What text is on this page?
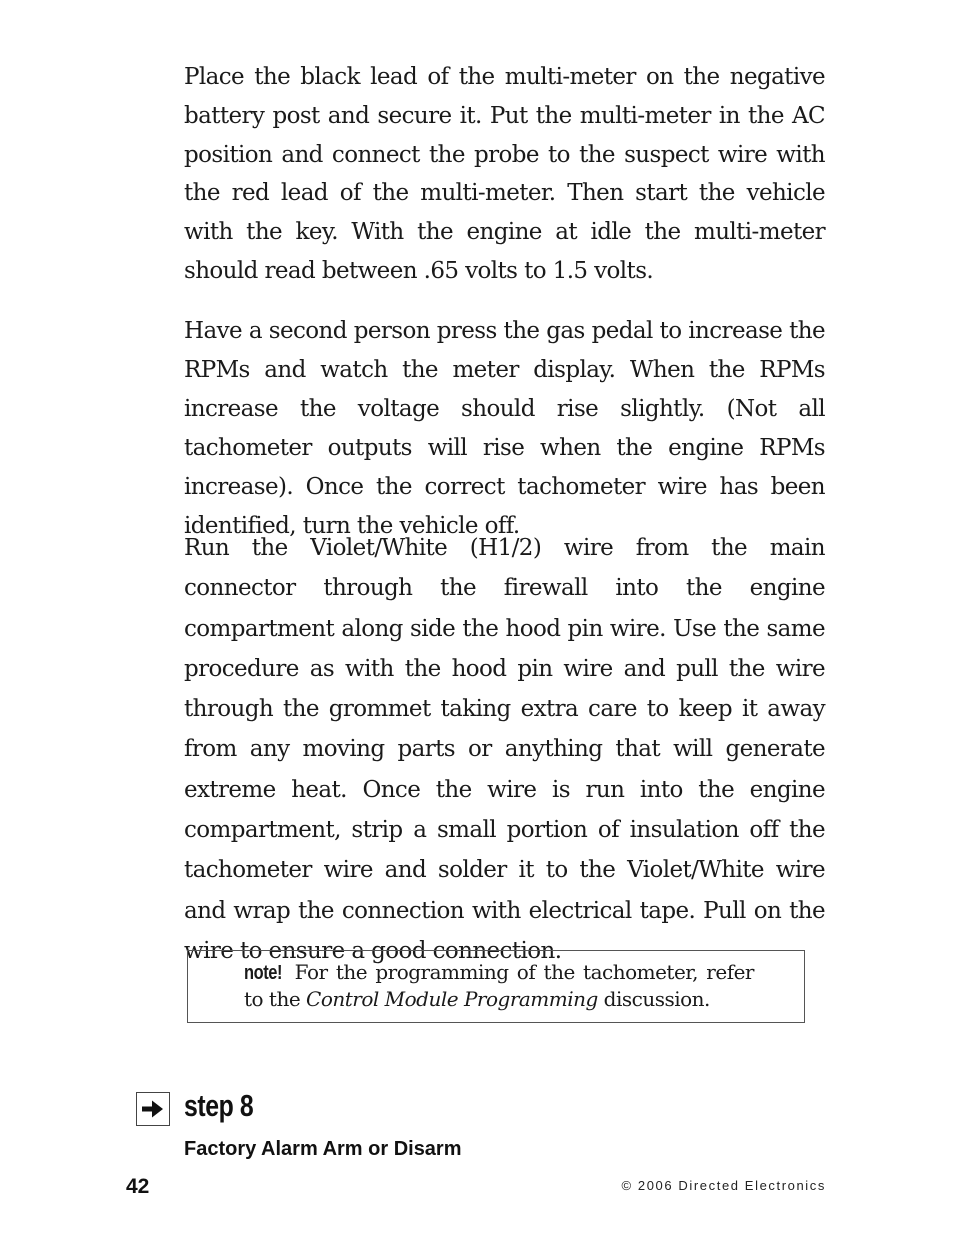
Place the black lead of the multi-meter on the negative battery post and secure it. Put the multi-meter in the AC position and connect the probe to the suspect wire with the red lead of the multi-meter. Then start the vehicle with the key. With the engine at idle the multi-meter should read between .65 volts to 1.5 volts.

Have a second person press the gas pedal to increase the RPMs and watch the meter display. When the RPMs increase the voltage should rise slightly. (Not all tachometer outputs will rise when the engine RPMs increase). Once the correct tachometer wire has been identified, turn the vehicle off.

Run the Violet/White (H1/2) wire from the main connector through the firewall into the engine compartment along side the hood pin wire. Use the same procedure as with the hood pin wire and pull the wire through the grommet taking extra care to keep it away from any moving parts or anything that will generate extreme heat. Once the wire is run into the engine compartment, strip a small portion of insulation off the tachometer wire and solder it to the Violet/White wire and wrap the connection with electrical tape. Pull on the wire to ensure a good connection.

note! For the programming of the tachometer, refer to the Control Module Programming discussion.

step 8
Factory Alarm Arm or Disarm
42	© 2006 Directed Electronics
